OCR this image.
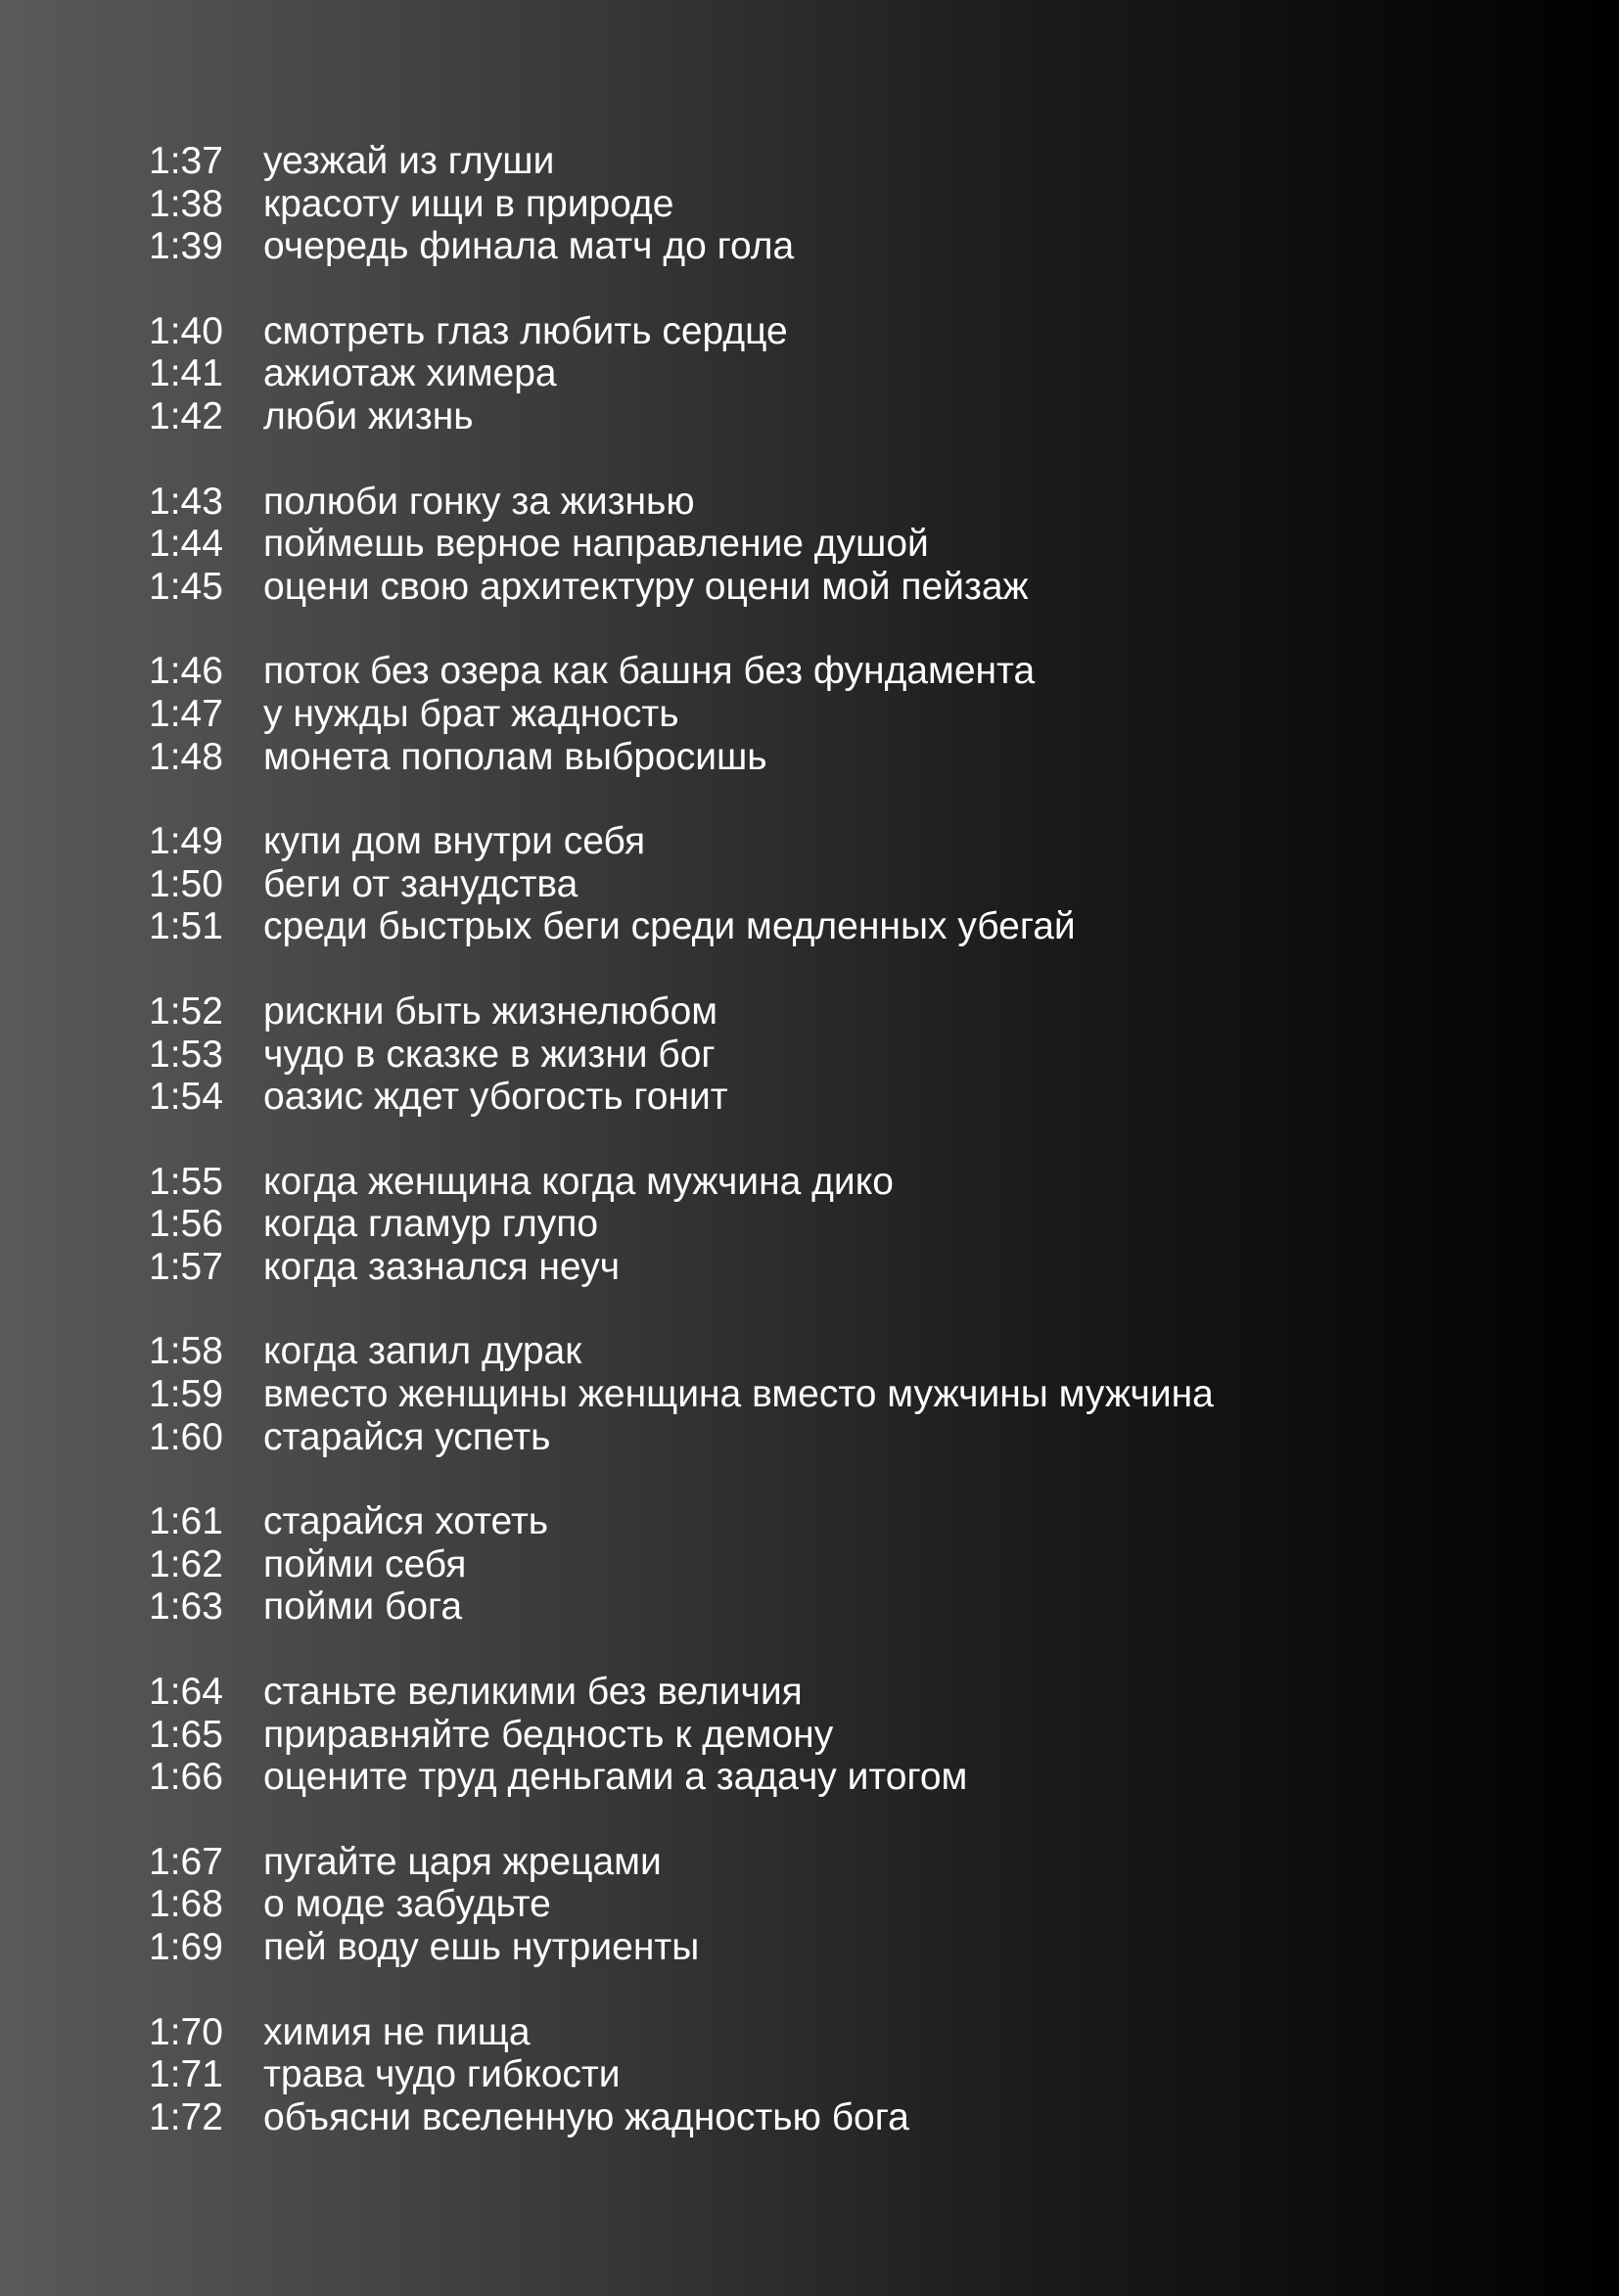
1:37	уезжай из глуши
1:38	красоту ищи в природе
1:39	очередь финала матч до гола
1:40	смотреть глаз любить сердце
1:41	ажиотаж химера
1:42	люби жизнь
1:43	полюби гонку за жизнью
1:44	поймешь верное направление душой
1:45	оцени свою архитектуру оцени мой пейзаж
1:46	поток без озера как башня без фундамента
1:47	у нужды брат жадность
1:48	монета пополам выбросишь
1:49	купи дом внутри себя
1:50	беги от занудства
1:51	среди быстрых беги среди медленных убегай
1:52	рискни быть жизнелюбом
1:53	чудо в сказке в жизни бог
1:54	оазис ждет убогость гонит
1:55	когда женщина когда мужчина дико
1:56	когда гламур глупо
1:57	когда зазнался неуч
1:58	когда запил дурак
1:59	вместо женщины женщина вместо мужчины мужчина
1:60	старайся успеть
1:61	старайся хотеть
1:62	пойми себя
1:63	пойми бога
1:64	станьте великими без величия
1:65	приравняйте бедность к демону
1:66	оцените труд деньгами а задачу итогом
1:67	пугайте царя жрецами
1:68	о моде забудьте
1:69	пей воду ешь нутриенты
1:70	химия не пища
1:71	трава чудо гибкости
1:72	объясни вселенную жадностью бога
